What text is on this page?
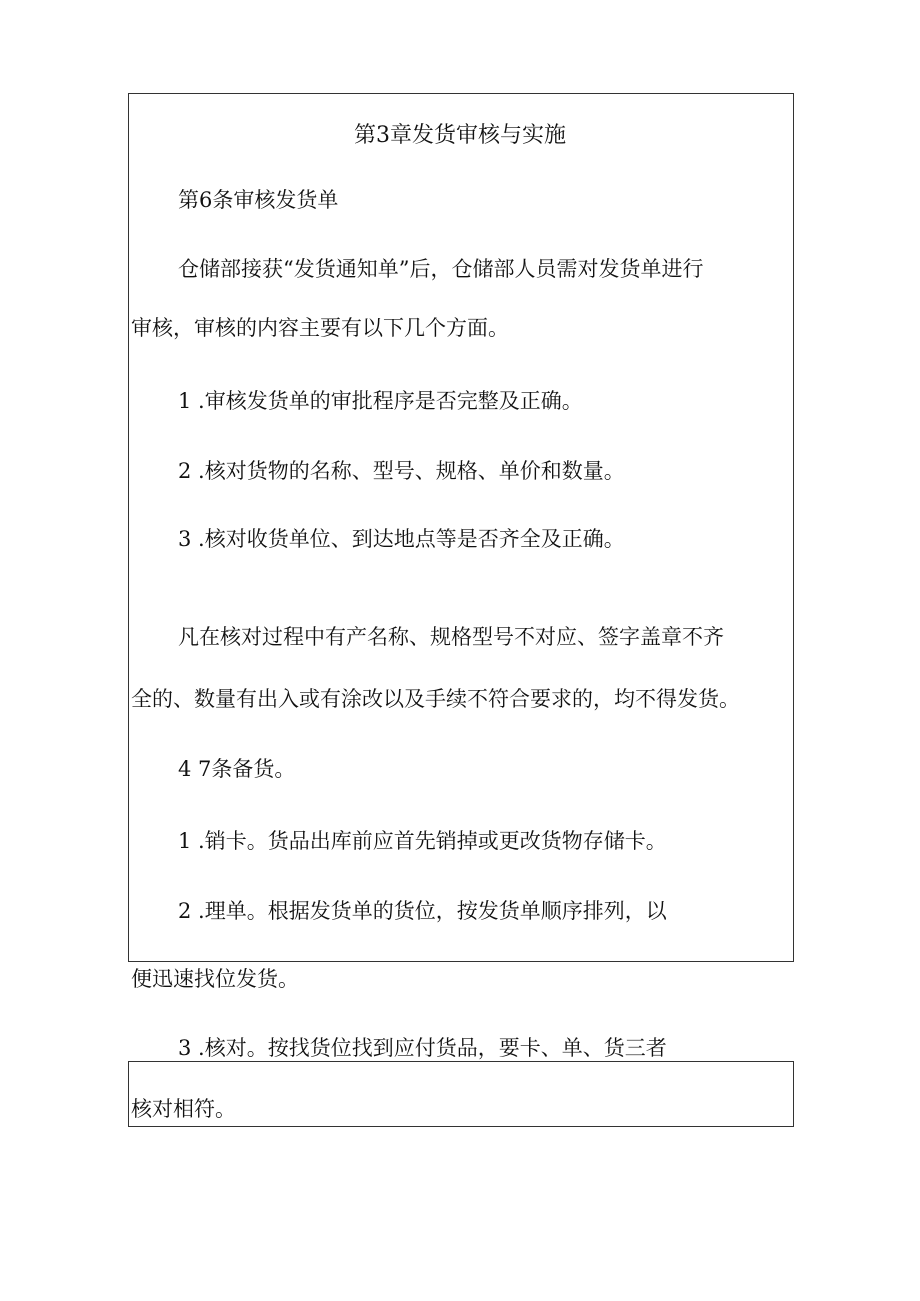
第3章发货审核与实施

第6条审核发货单

仓储部接获“发货通知单”后，仓储部人员需对发货单进行

审核，审核的内容主要有以下几个方面。

1 .审核发货单的审批程序是否完整及正确。

2 .核对货物的名称、型号、规格、单价和数量。

3 .核对收货单位、到达地点等是否齐全及正确。

凡在核对过程中有产名称、规格型号不对应、签字盖章不齐

全的、数量有出入或有涂改以及手续不符合要求的，均不得发货。

4 7条备货。

1 .销卡。货品出库前应首先销掉或更改货物存储卡。

2 .理单。根据发货单的货位，按发货单顺序排列，以

便迅速找位发货。

3 .核对。按找货位找到应付货品，要卡、单、货三者

核对相符。
